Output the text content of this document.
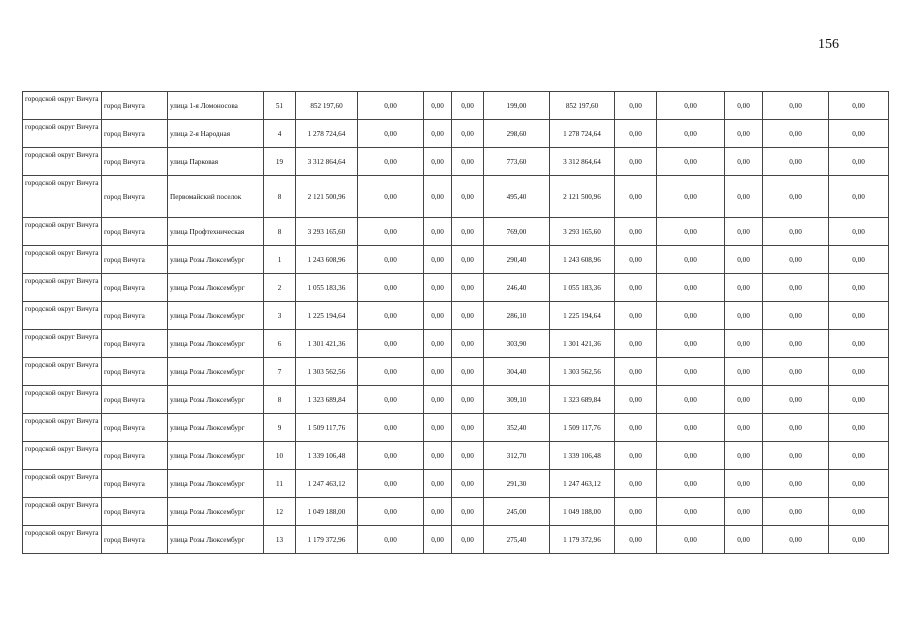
156
городской округ Вичуга	город Вичуга	улица 1-я Ломоносова	51	852 197,60	0,00	0,00	0,00	199,00	852 197,60	0,00	0,00	0,00	0,00	0,00

городской округ Вичуга	город Вичуга	улица 2-я Народная	4	1 278 724,64	0,00	0,00	0,00	298,60	1 278 724,64	0,00	0,00	0,00	0,00	0,00

городской округ Вичуга	город Вичуга	улица Парковая	19	3 312 864,64	0,00	0,00	0,00	773,60	3 312 864,64	0,00	0,00	0,00	0,00	0,00
городской округ Вичуга	город Вичуга	Первомайский поселок	8	2 121 500,96	0,00	0,00	0,00	495,40	2 121 500,96	0,00	0,00	0,00	0,00	0,00

городской округ Вичуга	город Вичуга	улица Профтехническая	8	3 293 165,60	0,00	0,00	0,00	769,00	3 293 165,60	0,00	0,00	0,00	0,00	0,00

городской округ Вичуга	город Вичуга	улица Розы Люксембург	1	1 243 608,96	0,00	0,00	0,00	290,40	1 243 608,96	0,00	0,00	0,00	0,00	0,00

городской округ Вичуга	город Вичуга	улица Розы Люксембург	2	1 055 183,36	0,00	0,00	0,00	246,40	1 055 183,36	0,00	0,00	0,00	0,00	0,00

городской округ Вичуга	город Вичуга	улица Розы Люксембург	3	1 225 194,64	0,00	0,00	0,00	286,10	1 225 194,64	0,00	0,00	0,00	0,00	0,00

городской округ Вичуга	город Вичуга	улица Розы Люксембург	6	1 301 421,36	0,00	0,00	0,00	303,90	1 301 421,36	0,00	0,00	0,00	0,00	0,00

городской округ Вичуга	город Вичуга	улица Розы Люксембург	7	1 303 562,56	0,00	0,00	0,00	304,40	1 303 562,56	0,00	0,00	0,00	0,00	0,00

городской округ Вичуга	город Вичуга	улица Розы Люксембург	8	1 323 689,84	0,00	0,00	0,00	309,10	1 323 689,84	0,00	0,00	0,00	0,00	0,00

городской округ Вичуга	город Вичуга	улица Розы Люксембург	9	1 509 117,76	0,00	0,00	0,00	352,40	1 509 117,76	0,00	0,00	0,00	0,00	0,00

городской округ Вичуга	город Вичуга	улица Розы Люксембург	10	1 339 106,48	0,00	0,00	0,00	312,70	1 339 106,48	0,00	0,00	0,00	0,00	0,00

городской округ Вичуга	город Вичуга	улица Розы Люксембург	11	1 247 463,12	0,00	0,00	0,00	291,30	1 247 463,12	0,00	0,00	0,00	0,00	0,00

городской округ Вичуга	город Вичуга	улица Розы Люксембург	12	1 049 188,00	0,00	0,00	0,00	245,00	1 049 188,00	0,00	0,00	0,00	0,00	0,00

городской округ Вичуга	город Вичуга	улица Розы Люксембург	13	1 179 372,96	0,00	0,00	0,00	275,40	1 179 372,96	0,00	0,00	0,00	0,00	0,00
